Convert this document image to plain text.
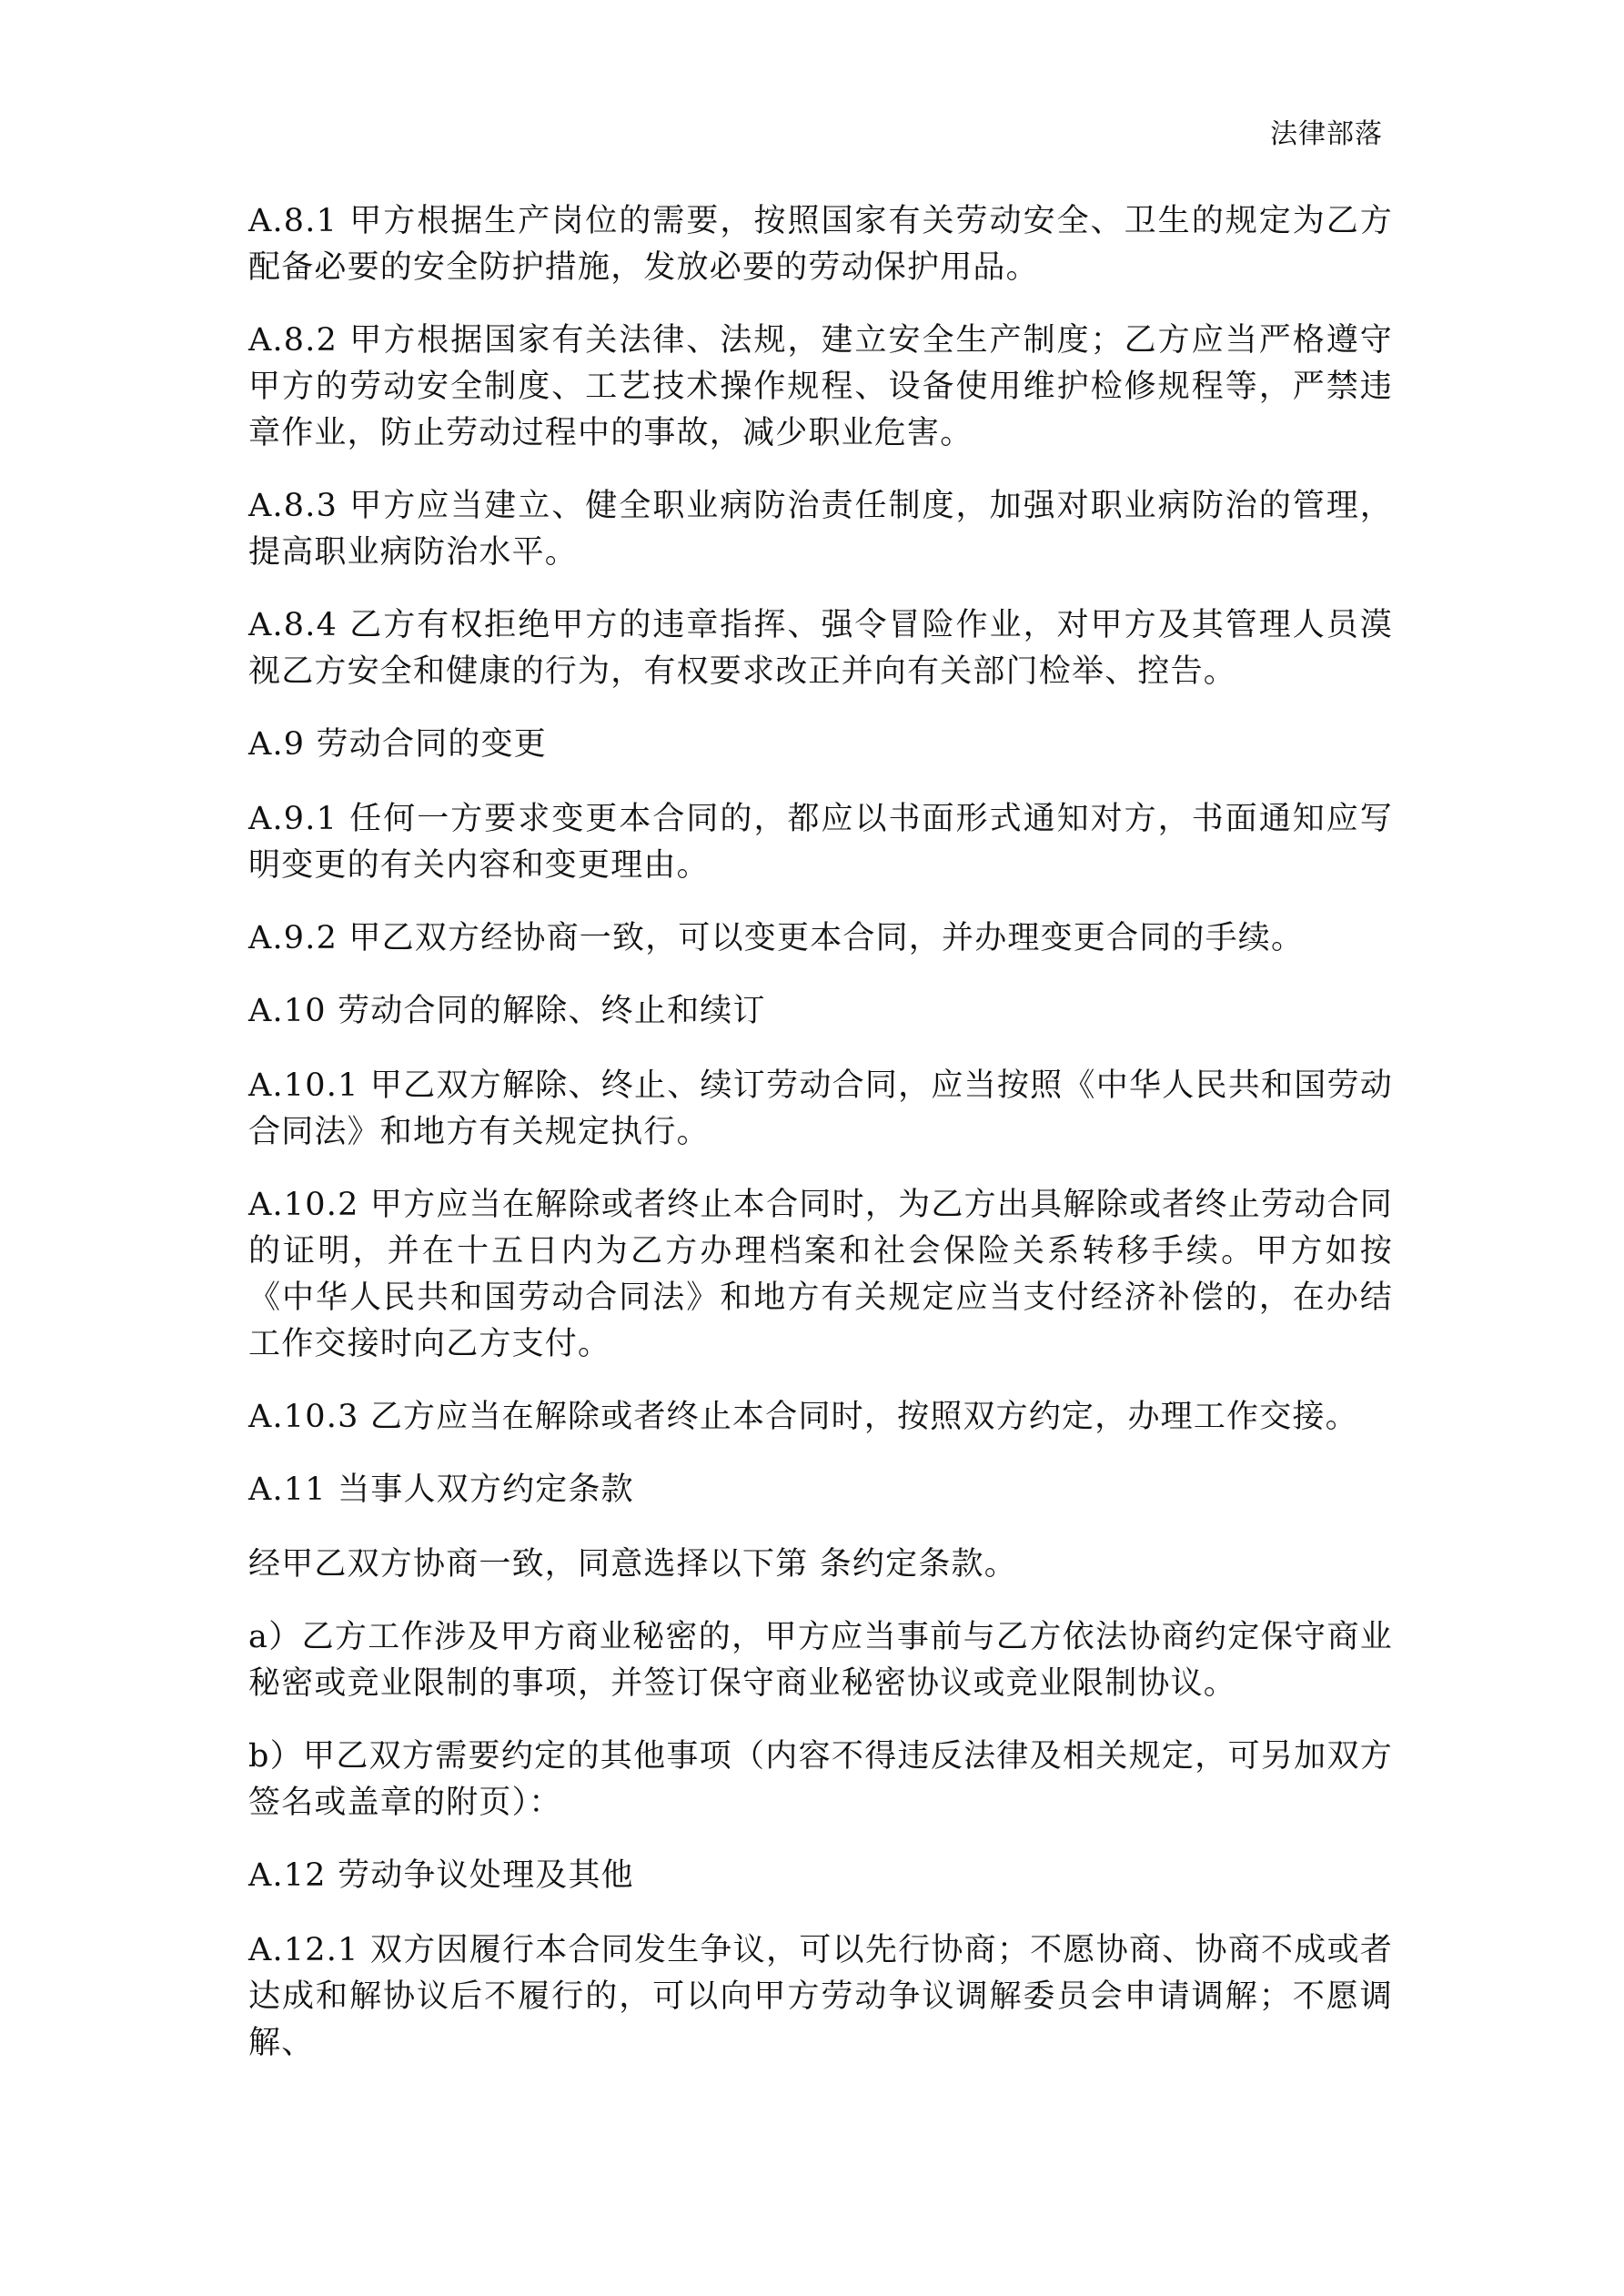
法律部落

A.8.1 甲方根据生产岗位的需要，按照国家有关劳动安全、卫生的规定为乙方配备必要的安全防护措施，发放必要的劳动保护用品。

A.8.2 甲方根据国家有关法律、法规，建立安全生产制度；乙方应当严格遵守甲方的劳动安全制度、工艺技术操作规程、设备使用维护检修规程等，严禁违章作业，防止劳动过程中的事故，减少职业危害。

A.8.3 甲方应当建立、健全职业病防治责任制度，加强对职业病防治的管理，提高职业病防治水平。

A.8.4 乙方有权拒绝甲方的违章指挥、强令冒险作业，对甲方及其管理人员漠视乙方安全和健康的行为，有权要求改正并向有关部门检举、控告。

A.9 劳动合同的变更

A.9.1 任何一方要求变更本合同的，都应以书面形式通知对方，书面通知应写明变更的有关内容和变更理由。

A.9.2 甲乙双方经协商一致，可以变更本合同，并办理变更合同的手续。

A.10 劳动合同的解除、终止和续订

A.10.1 甲乙双方解除、终止、续订劳动合同，应当按照《中华人民共和国劳动合同法》和地方有关规定执行。

A.10.2 甲方应当在解除或者终止本合同时，为乙方出具解除或者终止劳动合同的证明，并在十五日内为乙方办理档案和社会保险关系转移手续。甲方如按《中华人民共和国劳动合同法》和地方有关规定应当支付经济补偿的，在办结工作交接时向乙方支付。

A.10.3 乙方应当在解除或者终止本合同时，按照双方约定，办理工作交接。

A.11 当事人双方约定条款

经甲乙双方协商一致，同意选择以下第 条约定条款。

a）乙方工作涉及甲方商业秘密的，甲方应当事前与乙方依法协商约定保守商业秘密或竞业限制的事项，并签订保守商业秘密协议或竞业限制协议。

b）甲乙双方需要约定的其他事项（内容不得违反法律及相关规定，可另加双方签名或盖章的附页）：

A.12 劳动争议处理及其他

A.12.1 双方因履行本合同发生争议，可以先行协商；不愿协商、协商不成或者达成和解协议后不履行的，可以向甲方劳动争议调解委员会申请调解；不愿调解、
